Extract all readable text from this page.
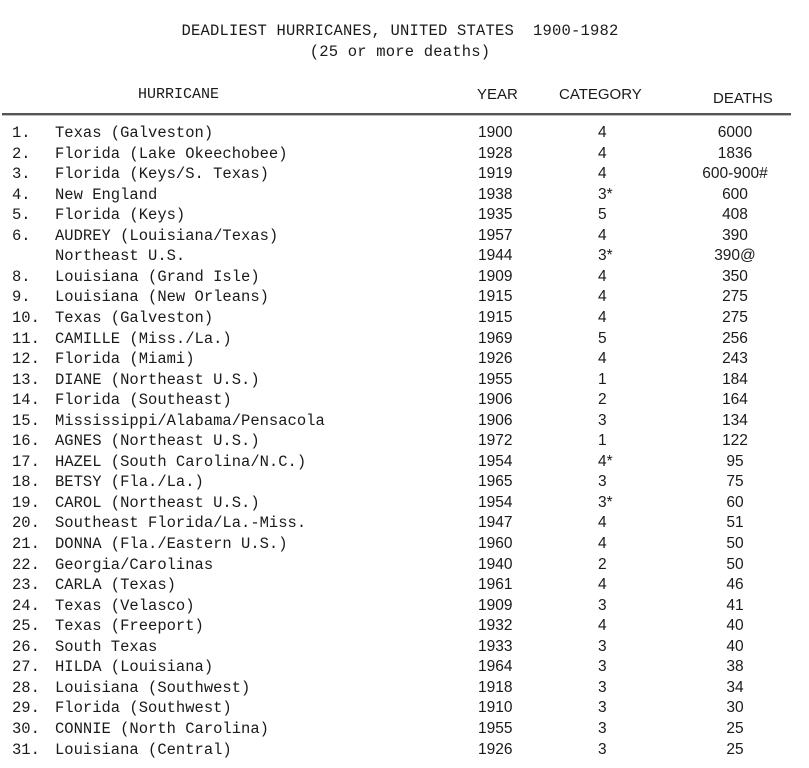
DEADLIEST HURRICANES, UNITED STATES  1900-1982
(25 or more deaths)
HURRICANE	YEAR	CATEGORY	DEATHS
1. Texas (Galveston)	1900	4	6000
2. Florida (Lake Okeechobee)	1928	4	1836
3. Florida (Keys/S. Texas)	1919	4	600-900#
4. New England	1938	3*	600
5. Florida (Keys)	1935	5	408
6. AUDREY (Louisiana/Texas)	1957	4	390
Northeast U.S.	1944	3*	390@
8. Louisiana (Grand Isle)	1909	4	350
9. Louisiana (New Orleans)	1915	4	275
10. Texas (Galveston)	1915	4	275
11. CAMILLE (Miss./La.)	1969	5	256
12. Florida (Miami)	1926	4	243
13. DIANE (Northeast U.S.)	1955	1	184
14. Florida (Southeast)	1906	2	164
15. Mississippi/Alabama/Pensacola	1906	3	134
16. AGNES (Northeast U.S.)	1972	1	122
17. HAZEL (South Carolina/N.C.)	1954	4*	95
18. BETSY (Fla./La.)	1965	3	75
19. CAROL (Northeast U.S.)	1954	3*	60
20. Southeast Florida/La.-Miss.	1947	4	51
21. DONNA (Fla./Eastern U.S.)	1960	4	50
22. Georgia/Carolinas	1940	2	50
23. CARLA (Texas)	1961	4	46
24. Texas (Velasco)	1909	3	41
25. Texas (Freeport)	1932	4	40
26. South Texas	1933	3	40
27. HILDA (Louisiana)	1964	3	38
28. Louisiana (Southwest)	1918	3	34
29. Florida (Southwest)	1910	3	30
30. CONNIE (North Carolina)	1955	3	25
31. Louisiana (Central)	1926	3	25
